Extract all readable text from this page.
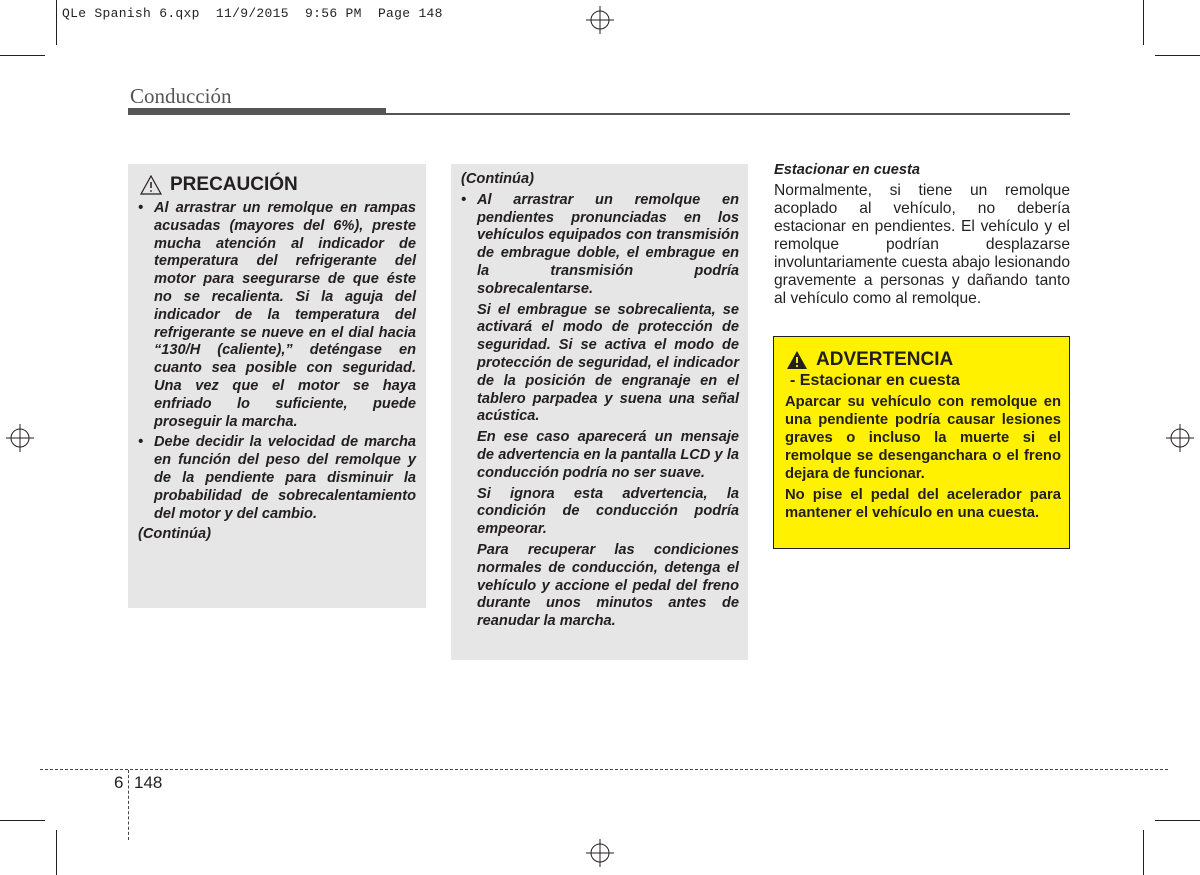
QLe Spanish 6.qxp  11/9/2015  9:56 PM  Page 148
Conducción
PRECAUCIÓN

• Al arrastrar un remolque en rampas acusadas (mayores del 6%), preste mucha atención al indicador de temperatura del refrigerante del motor para seegurarse de que éste no se recalienta. Si la aguja del indicador de la temperatura del refrigerante se nueve en el dial hacia “130/H (caliente),” deténgase en cuanto sea posible con seguridad. Una vez que el motor se haya enfriado lo suficiente, puede proseguir la marcha.

• Debe decidir la velocidad de marcha en función del peso del remolque y de la pendiente para disminuir la probabilidad de sobrecalentamiento del motor y del cambio.

(Continúa)

(Continúa)

• Al arrastrar un remolque en pendientes pronunciadas en los vehículos equipados con transmisión de embrague doble, el embrague en la transmisión podría sobrecalentarse.

Si el embrague se sobrecalienta, se activará el modo de protección de seguridad. Si se activa el modo de protección de seguridad, el indicador de la posición de engranaje en el tablero parpadea y suena una señal acústica.

En ese caso aparecerá un mensaje de advertencia en la pantalla LCD y la conducción podría no ser suave.

Si ignora esta advertencia, la condición de conducción podría empeorar.

Para recuperar las condiciones normales de conducción, detenga el vehículo y accione el pedal del freno durante unos minutos antes de reanudar la marcha.

Estacionar en cuesta
Normalmente, si tiene un remolque acoplado al vehículo, no debería estacionar en pendientes. El vehículo y el remolque podrían desplazarse involuntariamente cuesta abajo lesionando gravemente a personas y dañando tanto al vehículo como al remolque.
ADVERTENCIA
- Estacionar en cuesta

Aparcar su vehículo con remolque en una pendiente podría causar lesiones graves o incluso la muerte si el remolque se desenganchara o el freno dejara de funcionar.

No pise el pedal del acelerador para mantener el vehículo en una cuesta.

6 148
